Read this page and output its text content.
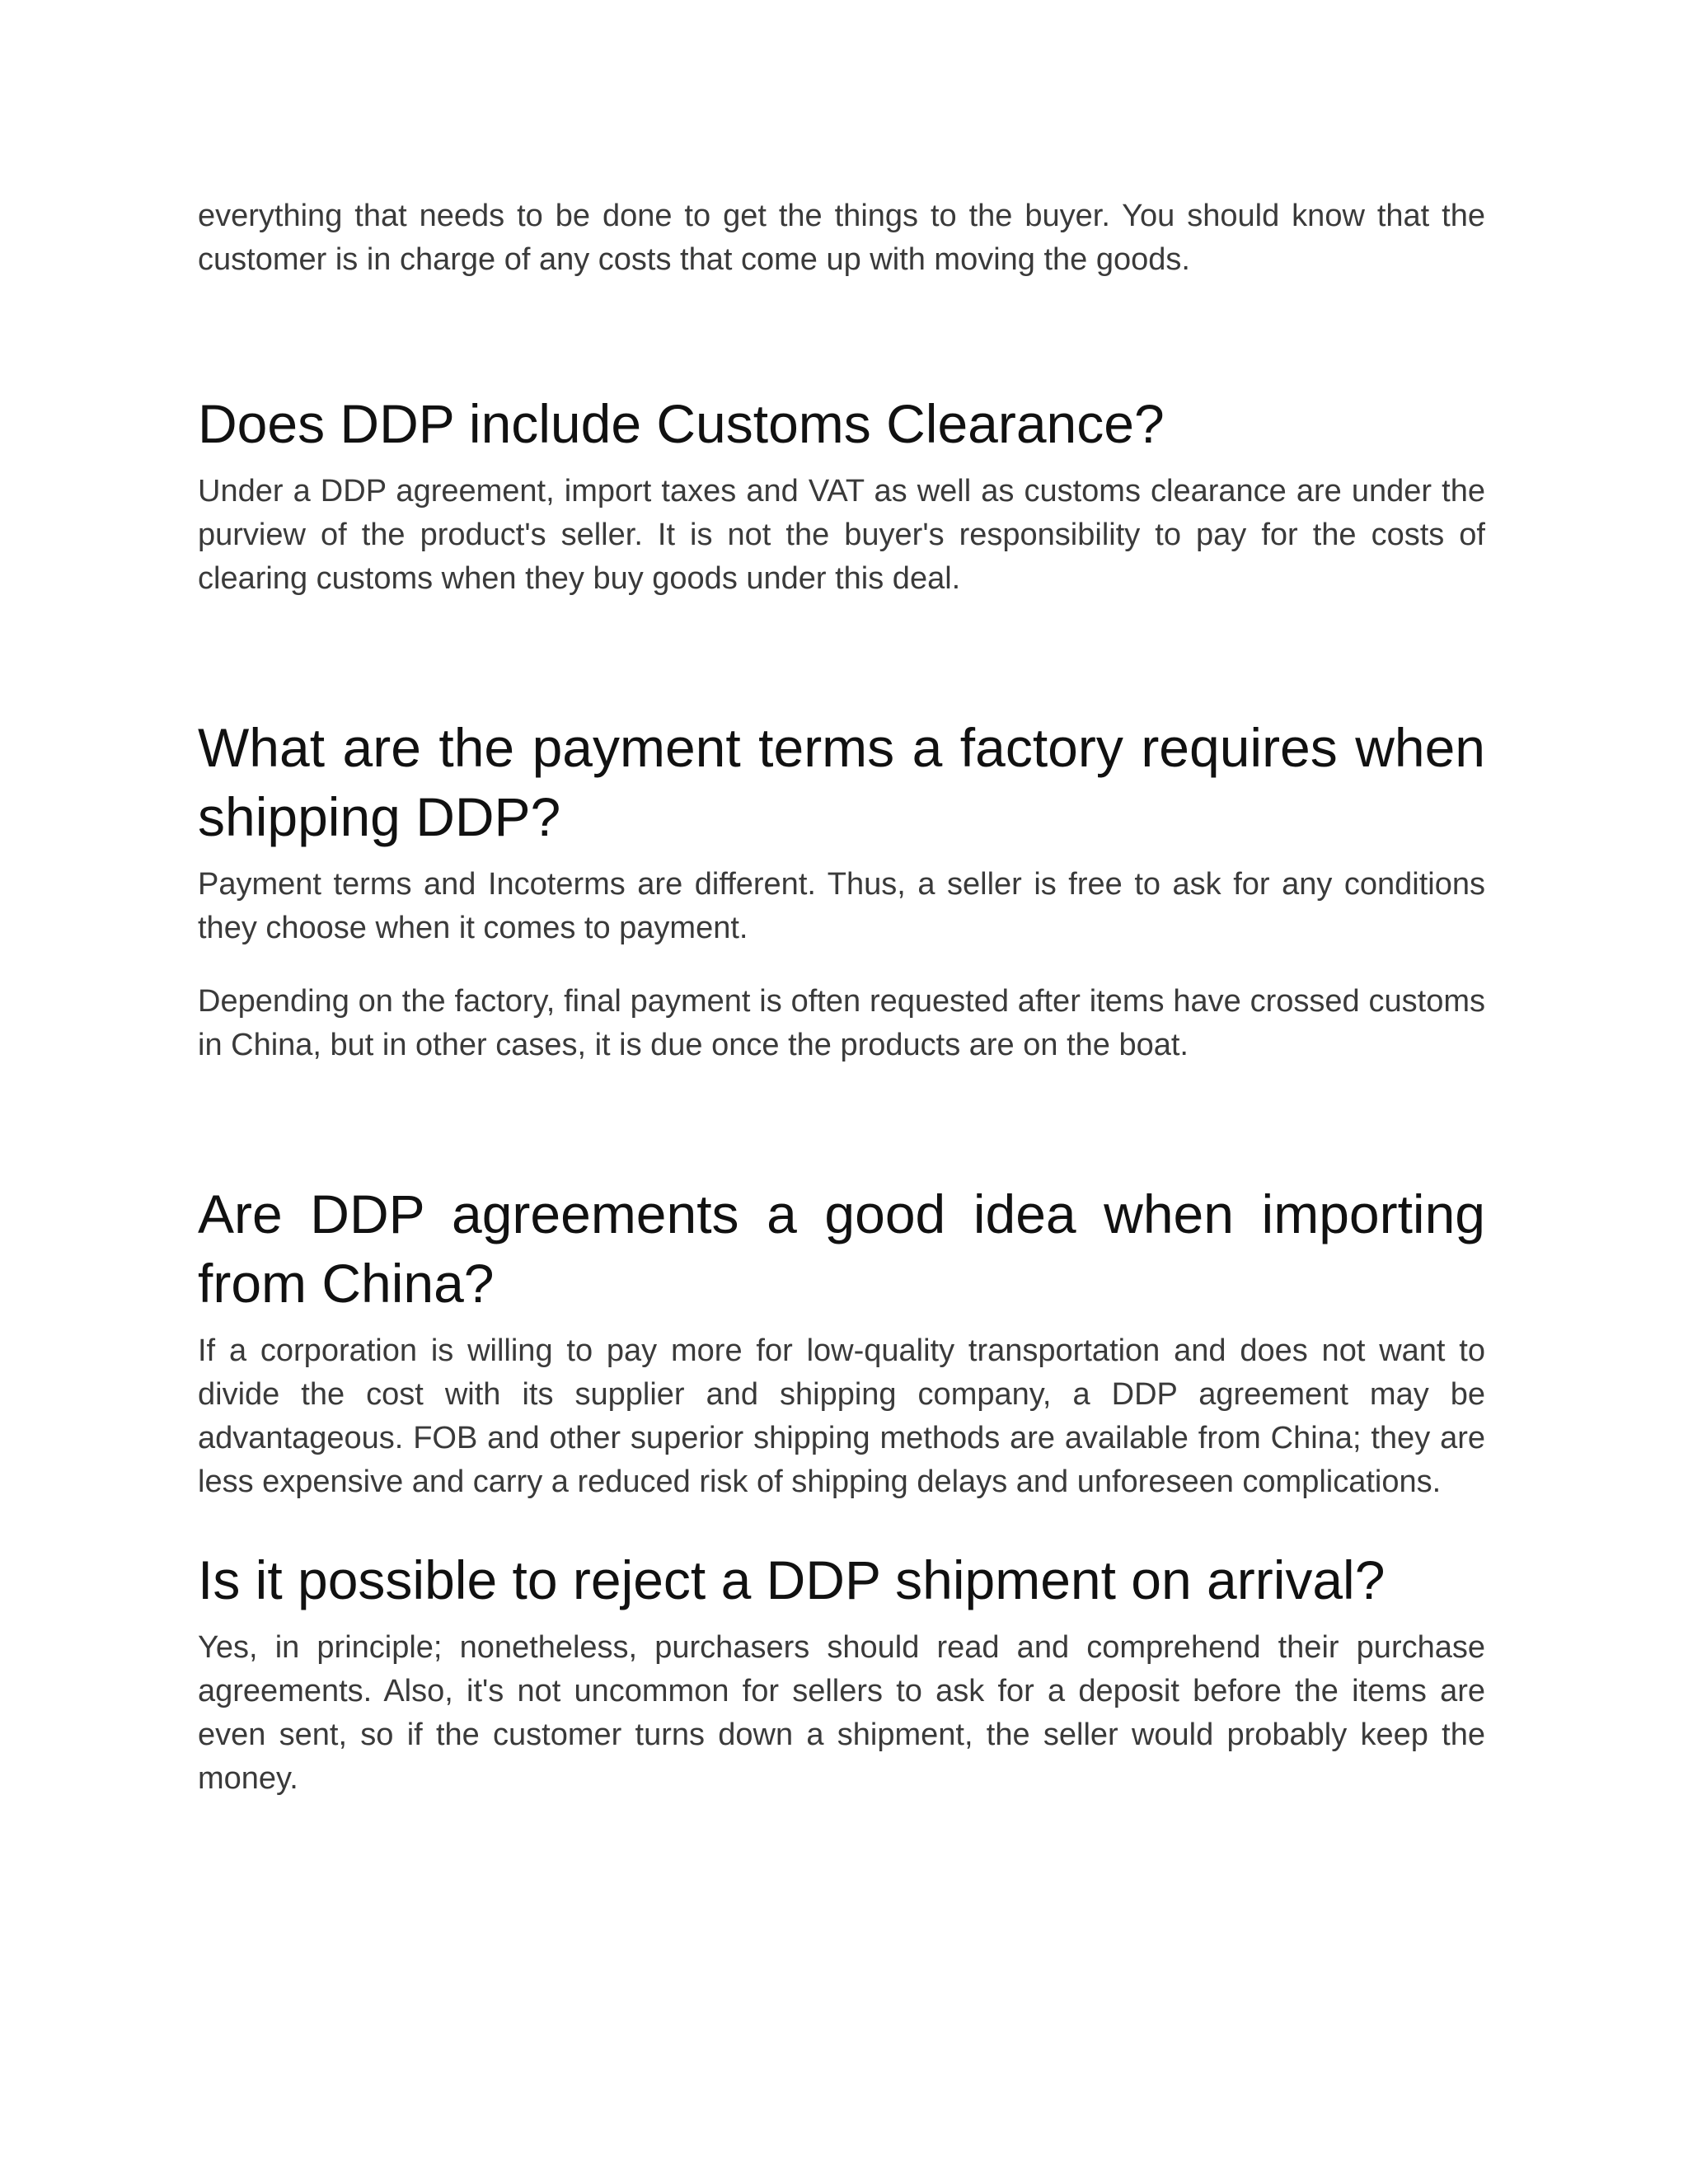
everything that needs to be done to get the things to the buyer. You should know that the customer is in charge of any costs that come up with moving the goods.

Does DDP include Customs Clearance?

Under a DDP agreement, import taxes and VAT as well as customs clearance are under the purview of the product's seller. It is not the buyer's responsibility to pay for the costs of clearing customs when they buy goods under this deal.

What are the payment terms a factory requires when shipping DDP?

Payment terms and Incoterms are different. Thus, a seller is free to ask for any conditions they choose when it comes to payment.

Depending on the factory, final payment is often requested after items have crossed customs in China, but in other cases, it is due once the products are on the boat.

Are DDP agreements a good idea when importing from China?

If a corporation is willing to pay more for low-quality transportation and does not want to divide the cost with its supplier and shipping company, a DDP agreement may be advantageous. FOB and other superior shipping methods are available from China; they are less expensive and carry a reduced risk of shipping delays and unforeseen complications.

Is it possible to reject a DDP shipment on arrival?

Yes, in principle; nonetheless, purchasers should read and comprehend their purchase agreements. Also, it's not uncommon for sellers to ask for a deposit before the items are even sent, so if the customer turns down a shipment, the seller would probably keep the money.
